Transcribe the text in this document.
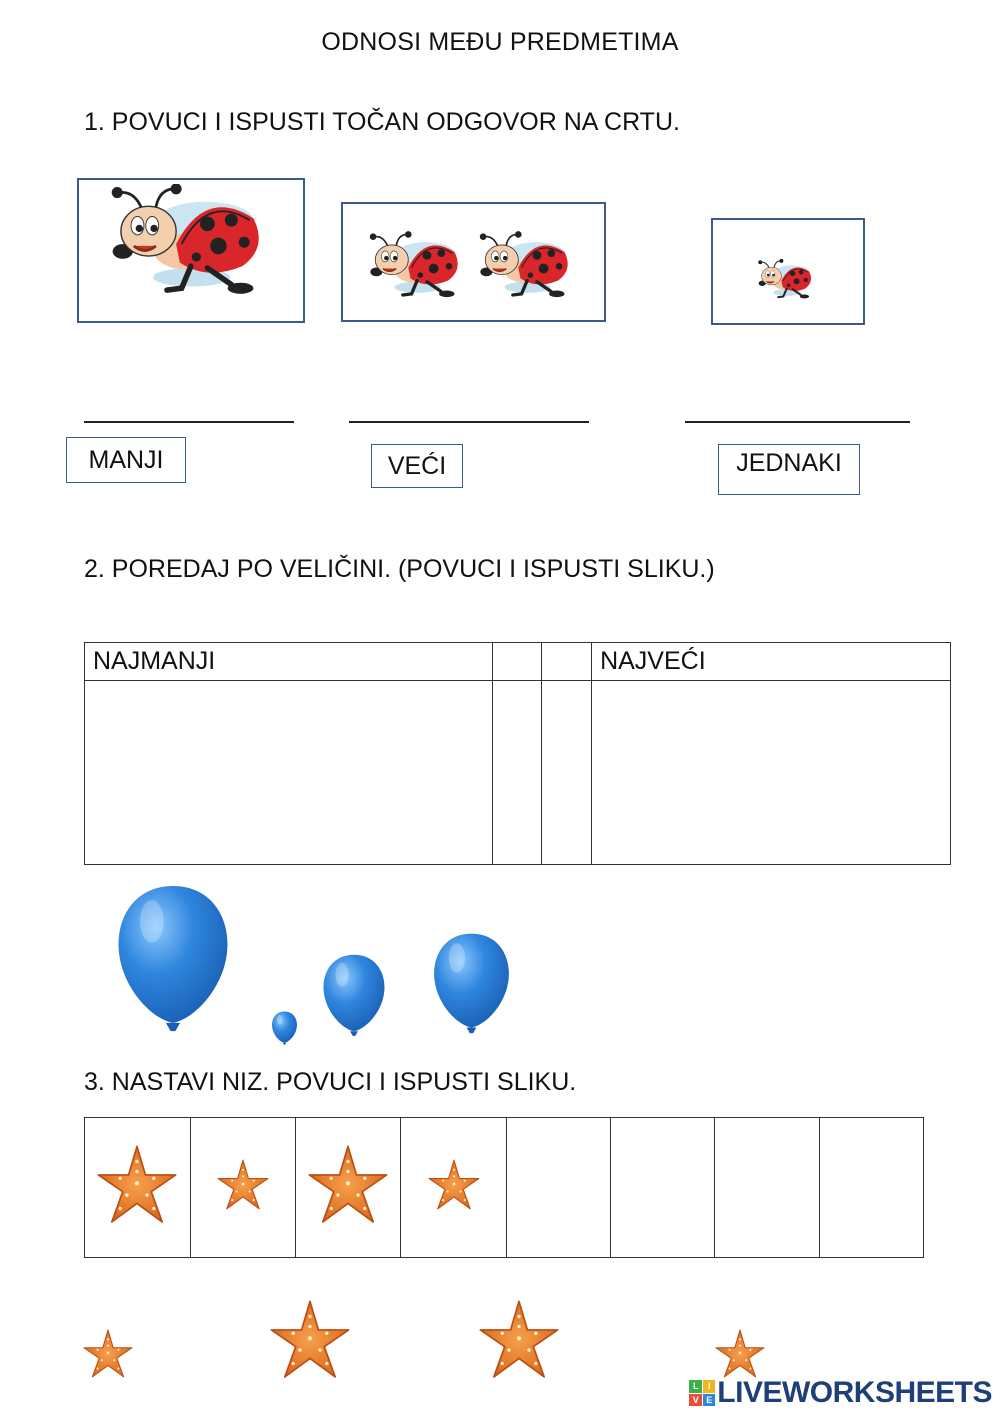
ODNOSI MEĐU PREDMETIMA
1. POVUCI I ISPUSTI TOČAN ODGOVOR NA CRTU.
MANJI	VEĆI	JEDNAKI
2. POREDAJ PO VELIČINI. (POVUCI I ISPUSTI SLIKU.)
NAJMANJI			NAJVEĆI

3. NASTAVI NIZ. POVUCI I ISPUSTI SLIKU.

L	I
V E LIVEWORKSHEETS
